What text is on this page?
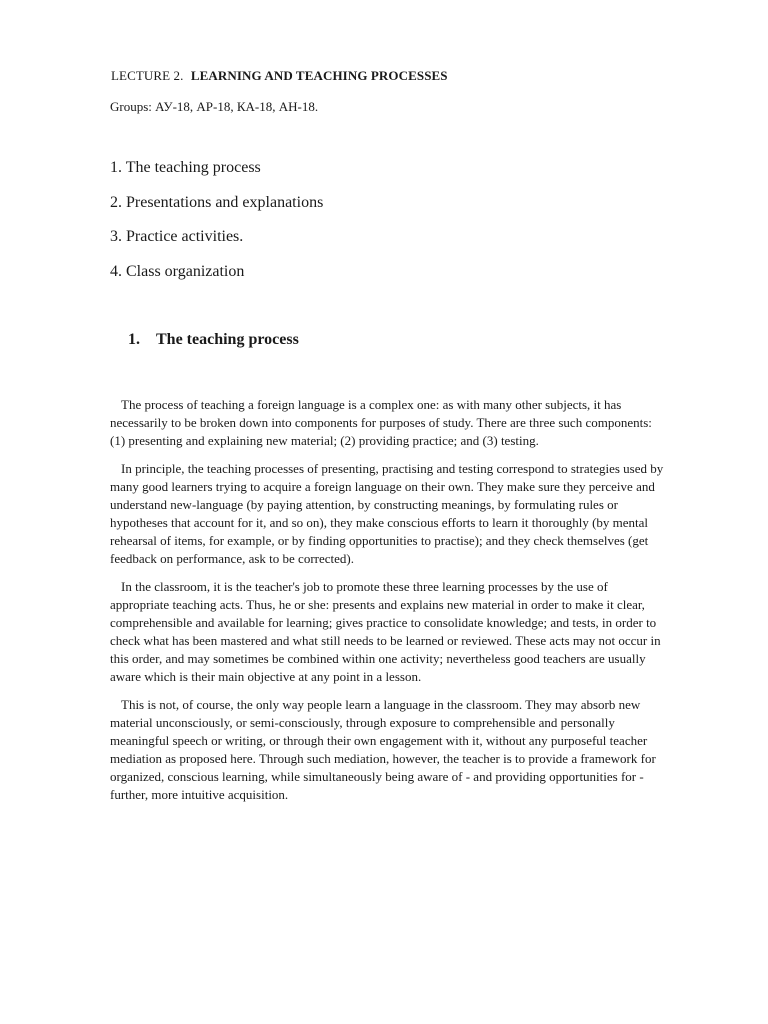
LECTURE 2. LEARNING AND TEACHING PROCESSES
Groups: АУ-18, АР-18, КА-18, АН-18.
1. The teaching process
2. Presentations and explanations
3. Practice activities.
4. Class organization
1. The teaching process

The process of teaching a foreign language is a complex one: as with many other subjects, it has
necessarily to be broken down into components for purposes of study. There are three such components:
(1) presenting and explaining new material; (2) providing practice; and (3) testing.

In principle, the teaching processes of presenting, practising and testing correspond to strategies used by
many good learners trying to acquire a foreign language on their own. They make sure they perceive and
understand new-language (by paying attention, by constructing meanings, by formulating rules or
hypotheses that account for it, and so on), they make conscious efforts to learn it thoroughly (by mental
rehearsal of items, for example, or by finding opportunities to practise); and they check themselves (get
feedback on performance, ask to be corrected).

In the classroom, it is the teacher's job to promote these three learning processes by the use of
appropriate teaching acts. Thus, he or she: presents and explains new material in order to make it clear,
comprehensible and available for learning; gives practice to consolidate knowledge; and tests, in order to
check what has been mastered and what still needs to be learned or reviewed. These acts may not occur in
this order, and may sometimes be combined within one activity; nevertheless good teachers are usually
aware which is their main objective at any point in a lesson.

This is not, of course, the only way people learn a language in the classroom. They may absorb new
material unconsciously, or semi-consciously, through exposure to comprehensible and personally
meaningful speech or writing, or through their own engagement with it, without any purposeful teacher
mediation as proposed here. Through such mediation, however, the teacher is to provide a framework for
organized, conscious learning, while simultaneously being aware of - and providing opportunities for -
further, more intuitive acquisition.
